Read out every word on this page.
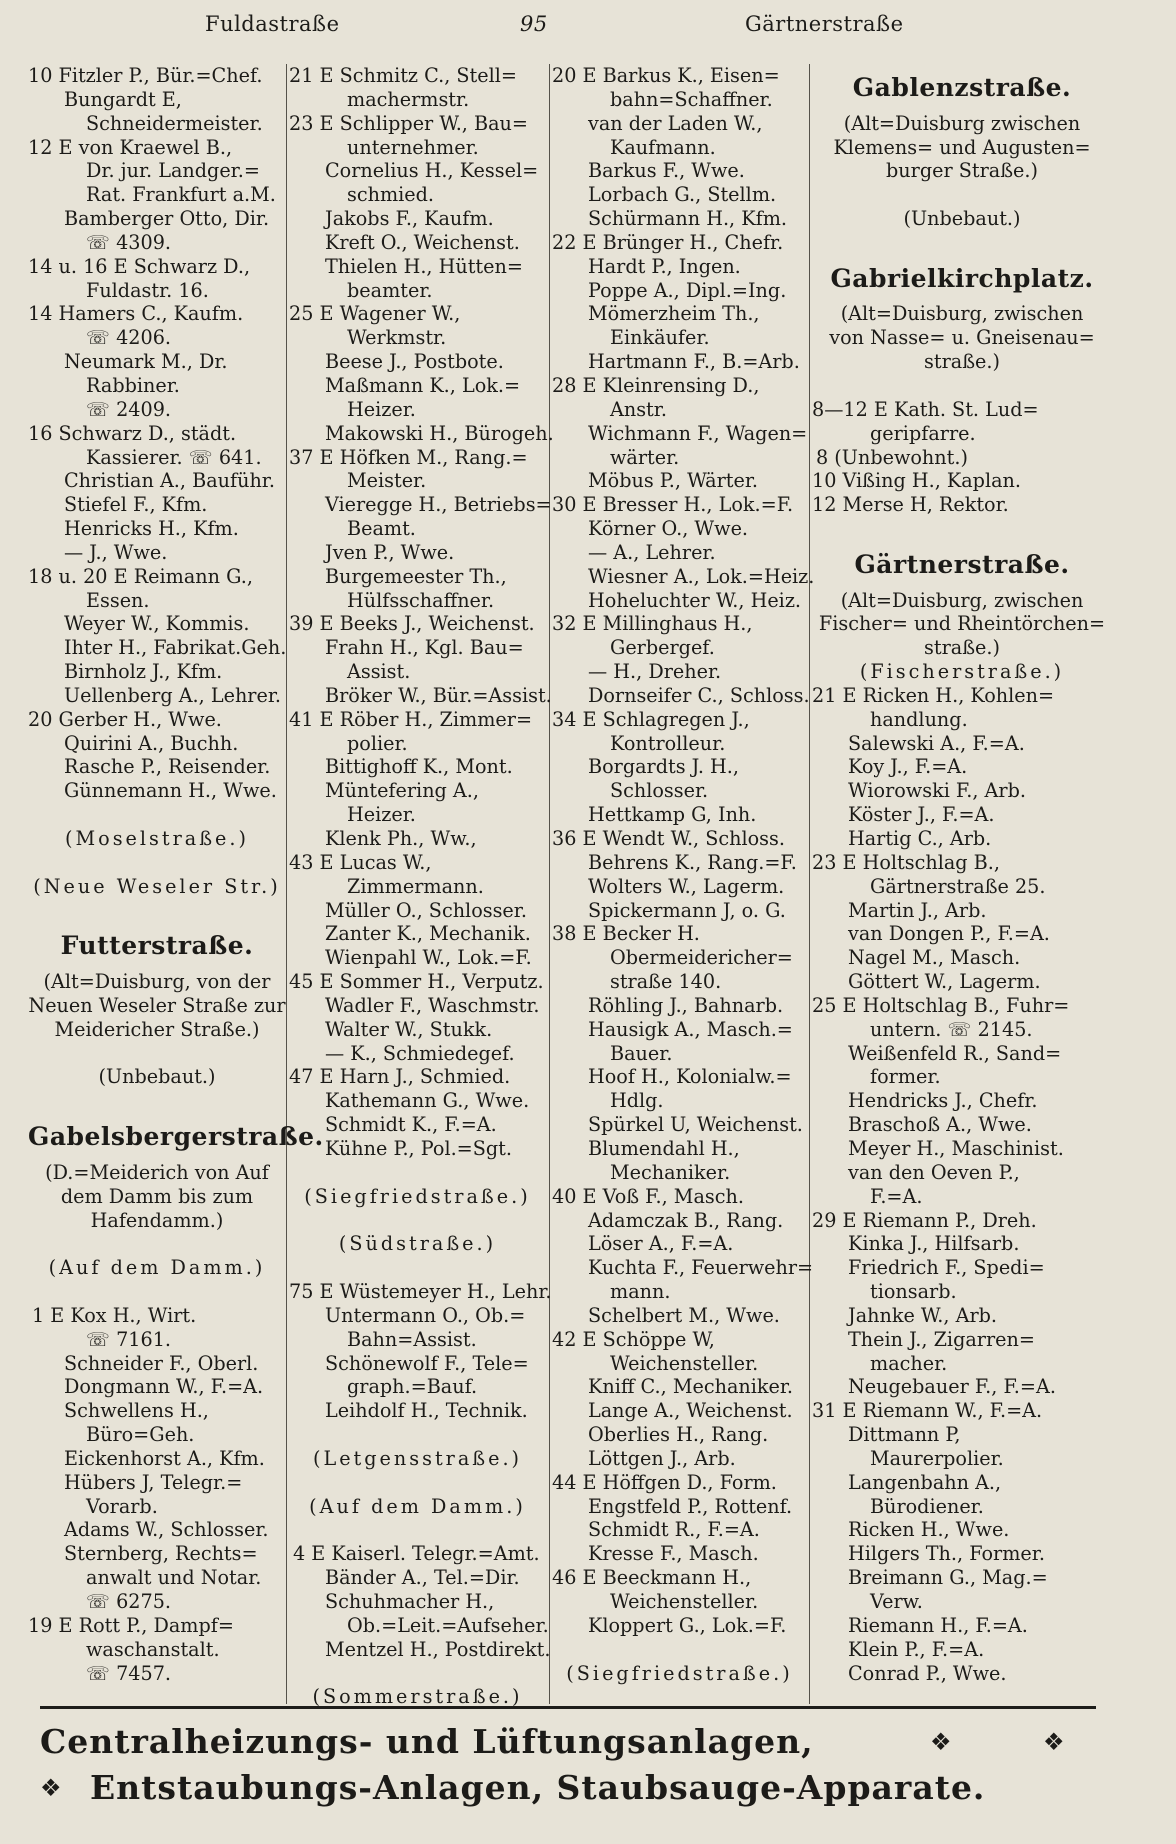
Fuldastraße	95	Gärtnerstraße
10 Fitzler P., Bür.=Chef.
Bungardt E,
Schneidermeister.
12 E von Kraewel B.,
Dr. jur. Landger.=
Rat. Frankfurt a.M.
Bamberger Otto, Dir.
☏ 4309.
14 u. 16 E Schwarz D.,
Fuldastr. 16.
14 Hamers C., Kaufm.
☏ 4206.
Neumark M., Dr.
Rabbiner.
☏ 2409.
16 Schwarz D., städt.
Kassierer. ☏ 641.
Christian A., Bauführ.
Stiefel F., Kfm.
Henricks H., Kfm.
— J., Wwe.
18 u. 20 E Reimann G.,
Essen.
Weyer W., Kommis.
Ihter H., Fabrikat.Geh.
Birnholz J., Kfm.
Uellenberg A., Lehrer.
20 Gerber H., Wwe.
Quirini A., Buchh.
Rasche P., Reisender.
Günnemann H., Wwe.
(Moselstraße.)
(Neue Weseler Str.)
Futterstraße.
(Alt=Duisburg, von der
Neuen Weseler Straße zur
Meidericher Straße.)
(Unbebaut.)
Gabelsbergerstraße.
(D.=Meiderich von Auf
dem Damm bis zum
Hafendamm.)
(Auf dem Damm.)
1 E Kox H., Wirt.
☏ 7161.
Schneider F., Oberl.
Dongmann W., F.=A.
Schwellens H.,
Büro=Geh.
Eickenhorst A., Kfm.
Hübers J, Telegr.=
Vorarb.
Adams W., Schlosser.
Sternberg, Rechts=
anwalt und Notar.
☏ 6275.
19 E Rott P., Dampf=
waschanstalt.
☏ 7457.
21 E Schmitz C., Stell=
machermstr.
23 E Schlipper W., Bau=
unternehmer.
Cornelius H., Kessel=
schmied.
Jakobs F., Kaufm.
Kreft O., Weichenst.
Thielen H., Hütten=
beamter.
25 E Wagener W.,
Werkmstr.
Beese J., Postbote.
Maßmann K., Lok.=
Heizer.
Makowski H., Bürogeh.
37 E Höfken M., Rang.=
Meister.
Vieregge H., Betriebs=
Beamt.
Jven P., Wwe.
Burgemeester Th.,
Hülfsschaffner.
39 E Beeks J., Weichenst.
Frahn H., Kgl. Bau=
Assist.
Bröker W., Bür.=Assist.
41 E Röber H., Zimmer=
polier.
Bittighoff K., Mont.
Müntefering A.,
Heizer.
Klenk Ph., Ww.,
43 E Lucas W.,
Zimmermann.
Müller O., Schlosser.
Zanter K., Mechanik.
Wienpahl W., Lok.=F.
45 E Sommer H., Verputz.
Wadler F., Waschmstr.
Walter W., Stukk.
— K., Schmiedegef.
47 E Harn J., Schmied.
Kathemann G., Wwe.
Schmidt K., F.=A.
Kühne P., Pol.=Sgt.
(Siegfriedstraße.)
(Südstraße.)
75 E Wüstemeyer H., Lehr.
Untermann O., Ob.=
Bahn=Assist.
Schönewolf F., Tele=
graph.=Bauf.
Leihdolf H., Technik.
(Letgensstraße.)
(Auf dem Damm.)
4 E Kaiserl. Telegr.=Amt.
Bänder A., Tel.=Dir.
Schuhmacher H.,
Ob.=Leit.=Aufseher.
Mentzel H., Postdirekt.
(Sommerstraße.)
20 E Barkus K., Eisen=
bahn=Schaffner.
van der Laden W.,
Kaufmann.
Barkus F., Wwe.
Lorbach G., Stellm.
Schürmann H., Kfm.
22 E Brünger H., Chefr.
Hardt P., Ingen.
Poppe A., Dipl.=Ing.
Mömerzheim Th.,
Einkäufer.
Hartmann F., B.=Arb.
28 E Kleinrensing D.,
Anstr.
Wichmann F., Wagen=
wärter.
Möbus P., Wärter.
30 E Bresser H., Lok.=F.
Körner O., Wwe.
— A., Lehrer.
Wiesner A., Lok.=Heiz.
Hoheluchter W., Heiz.
32 E Millinghaus H.,
Gerbergef.
— H., Dreher.
Dornseifer C., Schloss.
34 E Schlagregen J.,
Kontrolleur.
Borgardts J. H.,
Schlosser.
Hettkamp G, Inh.
36 E Wendt W., Schloss.
Behrens K., Rang.=F.
Wolters W., Lagerm.
Spickermann J, o. G.
38 E Becker H.
Obermeidericher=
straße 140.
Röhling J., Bahnarb.
Hausigk A., Masch.=
Bauer.
Hoof H., Kolonialw.=
Hdlg.
Spürkel U, Weichenst.
Blumendahl H.,
Mechaniker.
40 E Voß F., Masch.
Adamczak B., Rang.
Löser A., F.=A.
Kuchta F., Feuerwehr=
mann.
Schelbert M., Wwe.
42 E Schöppe W,
Weichensteller.
Kniff C., Mechaniker.
Lange A., Weichenst.
Oberlies H., Rang.
Löttgen J., Arb.
44 E Höffgen D., Form.
Engstfeld P., Rottenf.
Schmidt R., F.=A.
Kresse F., Masch.
46 E Beeckmann H.,
Weichensteller.
Kloppert G., Lok.=F.
(Siegfriedstraße.)
Gablenzstraße.
(Alt=Duisburg zwischen
Klemens= und Augusten=
burger Straße.)
(Unbebaut.)
Gabrielkirchplatz.
(Alt=Duisburg, zwischen
von Nasse= u. Gneisenau=
straße.)
8—12 E Kath. St. Lud=
geripfarre.
8 (Unbewohnt.)
10 Vißing H., Kaplan.
12 Merse H, Rektor.
Gärtnerstraße.
(Alt=Duisburg, zwischen
Fischer= und Rheintörchen=
straße.)
(Fischerstraße.)
21 E Ricken H., Kohlen=
handlung.
Salewski A., F.=A.
Koy J., F.=A.
Wiorowski F., Arb.
Köster J., F.=A.
Hartig C., Arb.
23 E Holtschlag B.,
Gärtnerstraße 25.
Martin J., Arb.
van Dongen P., F.=A.
Nagel M., Masch.
Göttert W., Lagerm.
25 E Holtschlag B., Fuhr=
untern. ☏ 2145.
Weißenfeld R., Sand=
former.
Hendricks J., Chefr.
Braschoß A., Wwe.
Meyer H., Maschinist.
van den Oeven P.,
F.=A.
29 E Riemann P., Dreh.
Kinka J., Hilfsarb.
Friedrich F., Spedi=
tionsarb.
Jahnke W., Arb.
Thein J., Zigarren=
macher.
Neugebauer F., F.=A.
31 E Riemann W., F.=A.
Dittmann P,
Maurerpolier.
Langenbahn A.,
Bürodiener.
Ricken H., Wwe.
Hilgers Th., Former.
Breimann G., Mag.=
Verw.
Riemann H., F.=A.
Klein P., F.=A.
Conrad P., Wwe.
Centralheizungs- und Lüftungsanlagen,	❖	❖
❖ Entstaubungs-Anlagen, Staubsauge-Apparate.
